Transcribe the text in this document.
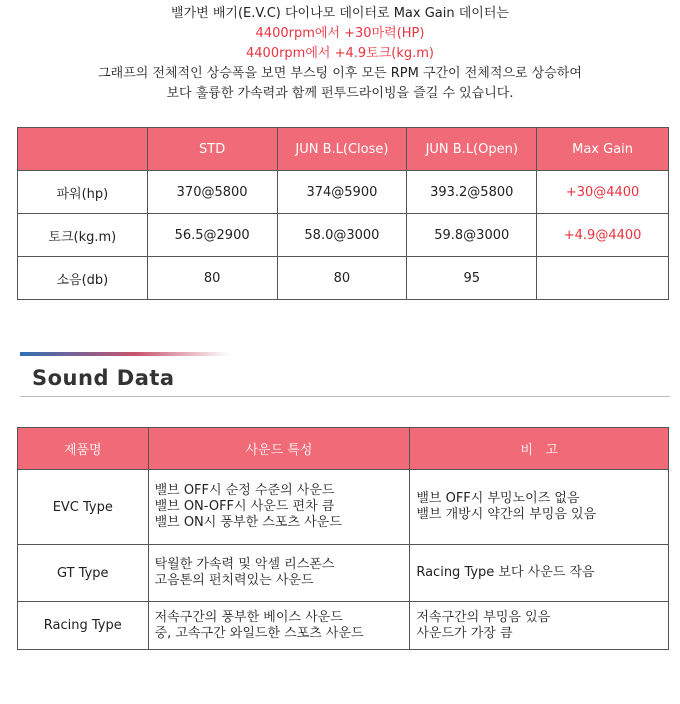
밸가변 배기(E.V.C) 다이나모 데이터로 Max Gain 데이터는
4400rpm에서 +30마력(HP)
4400rpm에서 +4.9토크(kg.m)
그래프의 전체적인 상승폭을 보면 부스팅 이후 모든 RPM 구간이 전체적으로 상승하여
보다 훌륭한 가속력과 함께 펀투드라이빙을 즐길 수 있습니다.
	STD	JUN B.L(Close)	JUN B.L(Open)	Max Gain
파워(hp)	370@5800	374@5900	393.2@5800	+30@4400
토크(kg.m)	56.5@2900	58.0@3000	59.8@3000	+4.9@4400
소음(db)	80	80	95	
Sound Data
제품명	사운드 특성	비   고
EVC Type	밸브 OFF시 순정 수준의 사운드
밸브 ON-OFF시 사운드 편차 큼
밸브 ON시 풍부한 스포츠 사운드	밸브 OFF시 부밍노이즈 없음
밸브 개방시 약간의 부밍음 있음

GT Type	탁월한 가속력 및 악셀 리스폰스
고음톤의 펀치력있는 사운드	Racing Type 보다 사운드 작음

Racing Type	저속구간의 풍부한 베이스 사운드
중, 고속구간 와일드한 스포츠 사운드	저속구간의 부밍음 있음
사운드가 가장 큼
